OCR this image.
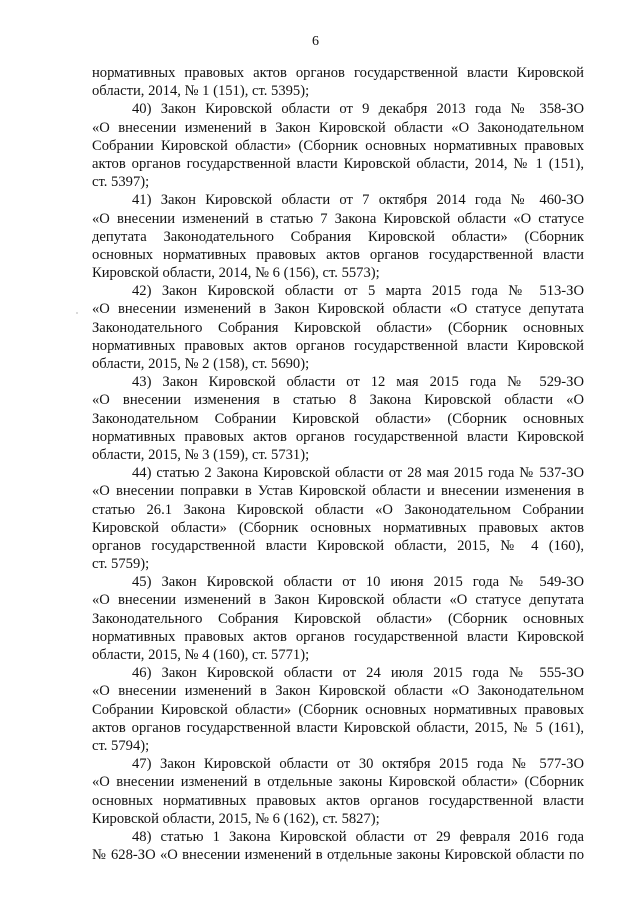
6
нормативных правовых актов органов государственной власти Кировской
области, 2014, № 1 (151), ст. 5395);
40) Закон Кировской области от 9 декабря 2013 года № 358-ЗО
«О внесении изменений в Закон Кировской области «О Законодательном
Собрании Кировской области» (Сборник основных нормативных правовых
актов органов государственной власти Кировской области, 2014, № 1 (151),
ст. 5397);
41) Закон Кировской области от 7 октября 2014 года № 460-ЗО
«О внесении изменений в статью 7 Закона Кировской области «О статусе
депутата Законодательного Собрания Кировской области» (Сборник
основных нормативных правовых актов органов государственной власти
Кировской области, 2014, № 6 (156), ст. 5573);
42) Закон Кировской области от 5 марта 2015 года № 513-ЗО
«О внесении изменений в Закон Кировской области «О статусе депутата
Законодательного Собрания Кировской области» (Сборник основных
нормативных правовых актов органов государственной власти Кировской
области, 2015, № 2 (158), ст. 5690);
43) Закон Кировской области от 12 мая 2015 года № 529-ЗО
«О внесении изменения в статью 8 Закона Кировской области «О
Законодательном Собрании Кировской области» (Сборник основных
нормативных правовых актов органов государственной власти Кировской
области, 2015, № 3 (159), ст. 5731);
44) статью 2 Закона Кировской области от 28 мая 2015 года № 537-ЗО
«О внесении поправки в Устав Кировской области и внесении изменения в
статью 26.1 Закона Кировской области «О Законодательном Собрании
Кировской области» (Сборник основных нормативных правовых актов
органов государственной власти Кировской области, 2015, № 4 (160),
ст. 5759);
45) Закон Кировской области от 10 июня 2015 года № 549-ЗО
«О внесении изменений в Закон Кировской области «О статусе депутата
Законодательного Собрания Кировской области» (Сборник основных
нормативных правовых актов органов государственной власти Кировской
области, 2015, № 4 (160), ст. 5771);
46) Закон Кировской области от 24 июля 2015 года № 555-ЗО
«О внесении изменений в Закон Кировской области «О Законодательном
Собрании Кировской области» (Сборник основных нормативных правовых
актов органов государственной власти Кировской области, 2015, № 5 (161),
ст. 5794);
47) Закон Кировской области от 30 октября 2015 года № 577-ЗО
«О внесении изменений в отдельные законы Кировской области» (Сборник
основных нормативных правовых актов органов государственной власти
Кировской области, 2015, № 6 (162), ст. 5827);
48) статью 1 Закона Кировской области от 29 февраля 2016 года
№ 628-ЗО «О внесении изменений в отдельные законы Кировской области по
